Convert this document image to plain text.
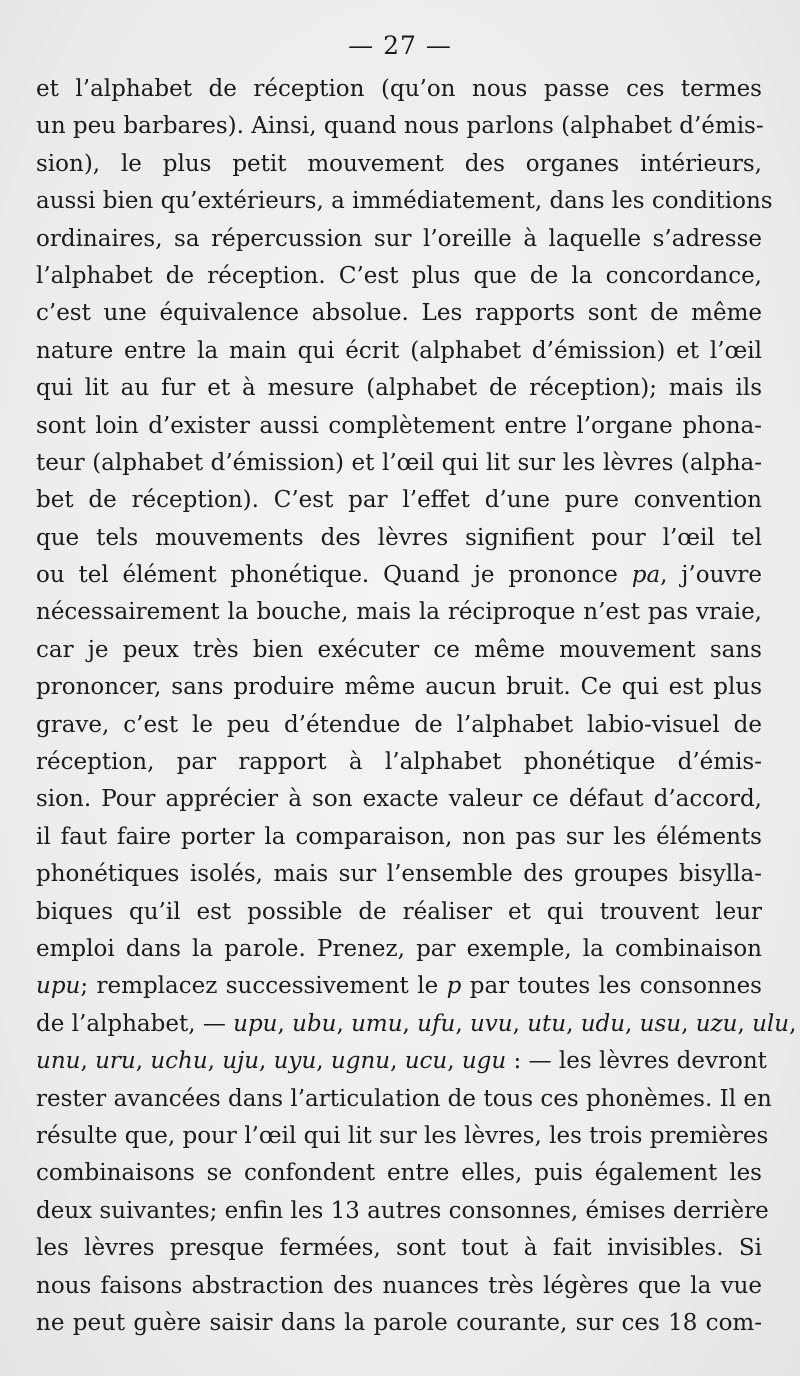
— 27 —
et l’alphabet de réception (qu’on nous passe ces termes
un peu barbares). Ainsi, quand nous parlons (alphabet d’émis-
sion), le plus petit mouvement des organes intérieurs,
aussi bien qu’extérieurs, a immédiatement, dans les conditions
ordinaires, sa répercussion sur l’oreille à laquelle s’adresse
l’alphabet de réception. C’est plus que de la concordance,
c’est une équivalence absolue. Les rapports sont de même
nature entre la main qui écrit (alphabet d’émission) et l’œil
qui lit au fur et à mesure (alphabet de réception); mais ils
sont loin d’exister aussi complètement entre l’organe phona-
teur (alphabet d’émission) et l’œil qui lit sur les lèvres (alpha-
bet de réception). C’est par l’effet d’une pure convention
que tels mouvements des lèvres signifient pour l’œil tel
ou tel élément phonétique. Quand je prononce pa, j’ouvre
nécessairement la bouche, mais la réciproque n’est pas vraie,
car je peux très bien exécuter ce même mouvement sans
prononcer, sans produire même aucun bruit. Ce qui est plus
grave, c’est le peu d’étendue de l’alphabet labio-visuel de
réception, par rapport à l’alphabet phonétique d’émis-
sion. Pour apprécier à son exacte valeur ce défaut d’accord,
il faut faire porter la comparaison, non pas sur les éléments
phonétiques isolés, mais sur l’ensemble des groupes bisylla-
biques qu’il est possible de réaliser et qui trouvent leur
emploi dans la parole. Prenez, par exemple, la combinaison
upu; remplacez successivement le p par toutes les consonnes
de l’alphabet, — upu, ubu, umu, ufu, uvu, utu, udu, usu, uzu, ulu,
unu, uru, uchu, uju, uyu, ugnu, ucu, ugu : — les lèvres devront
rester avancées dans l’articulation de tous ces phonèmes. Il en
résulte que, pour l’œil qui lit sur les lèvres, les trois premières
combinaisons se confondent entre elles, puis également les
deux suivantes; enfin les 13 autres consonnes, émises derrière
les lèvres presque fermées, sont tout à fait invisibles. Si
nous faisons abstraction des nuances très légères que la vue
ne peut guère saisir dans la parole courante, sur ces 18 com-
